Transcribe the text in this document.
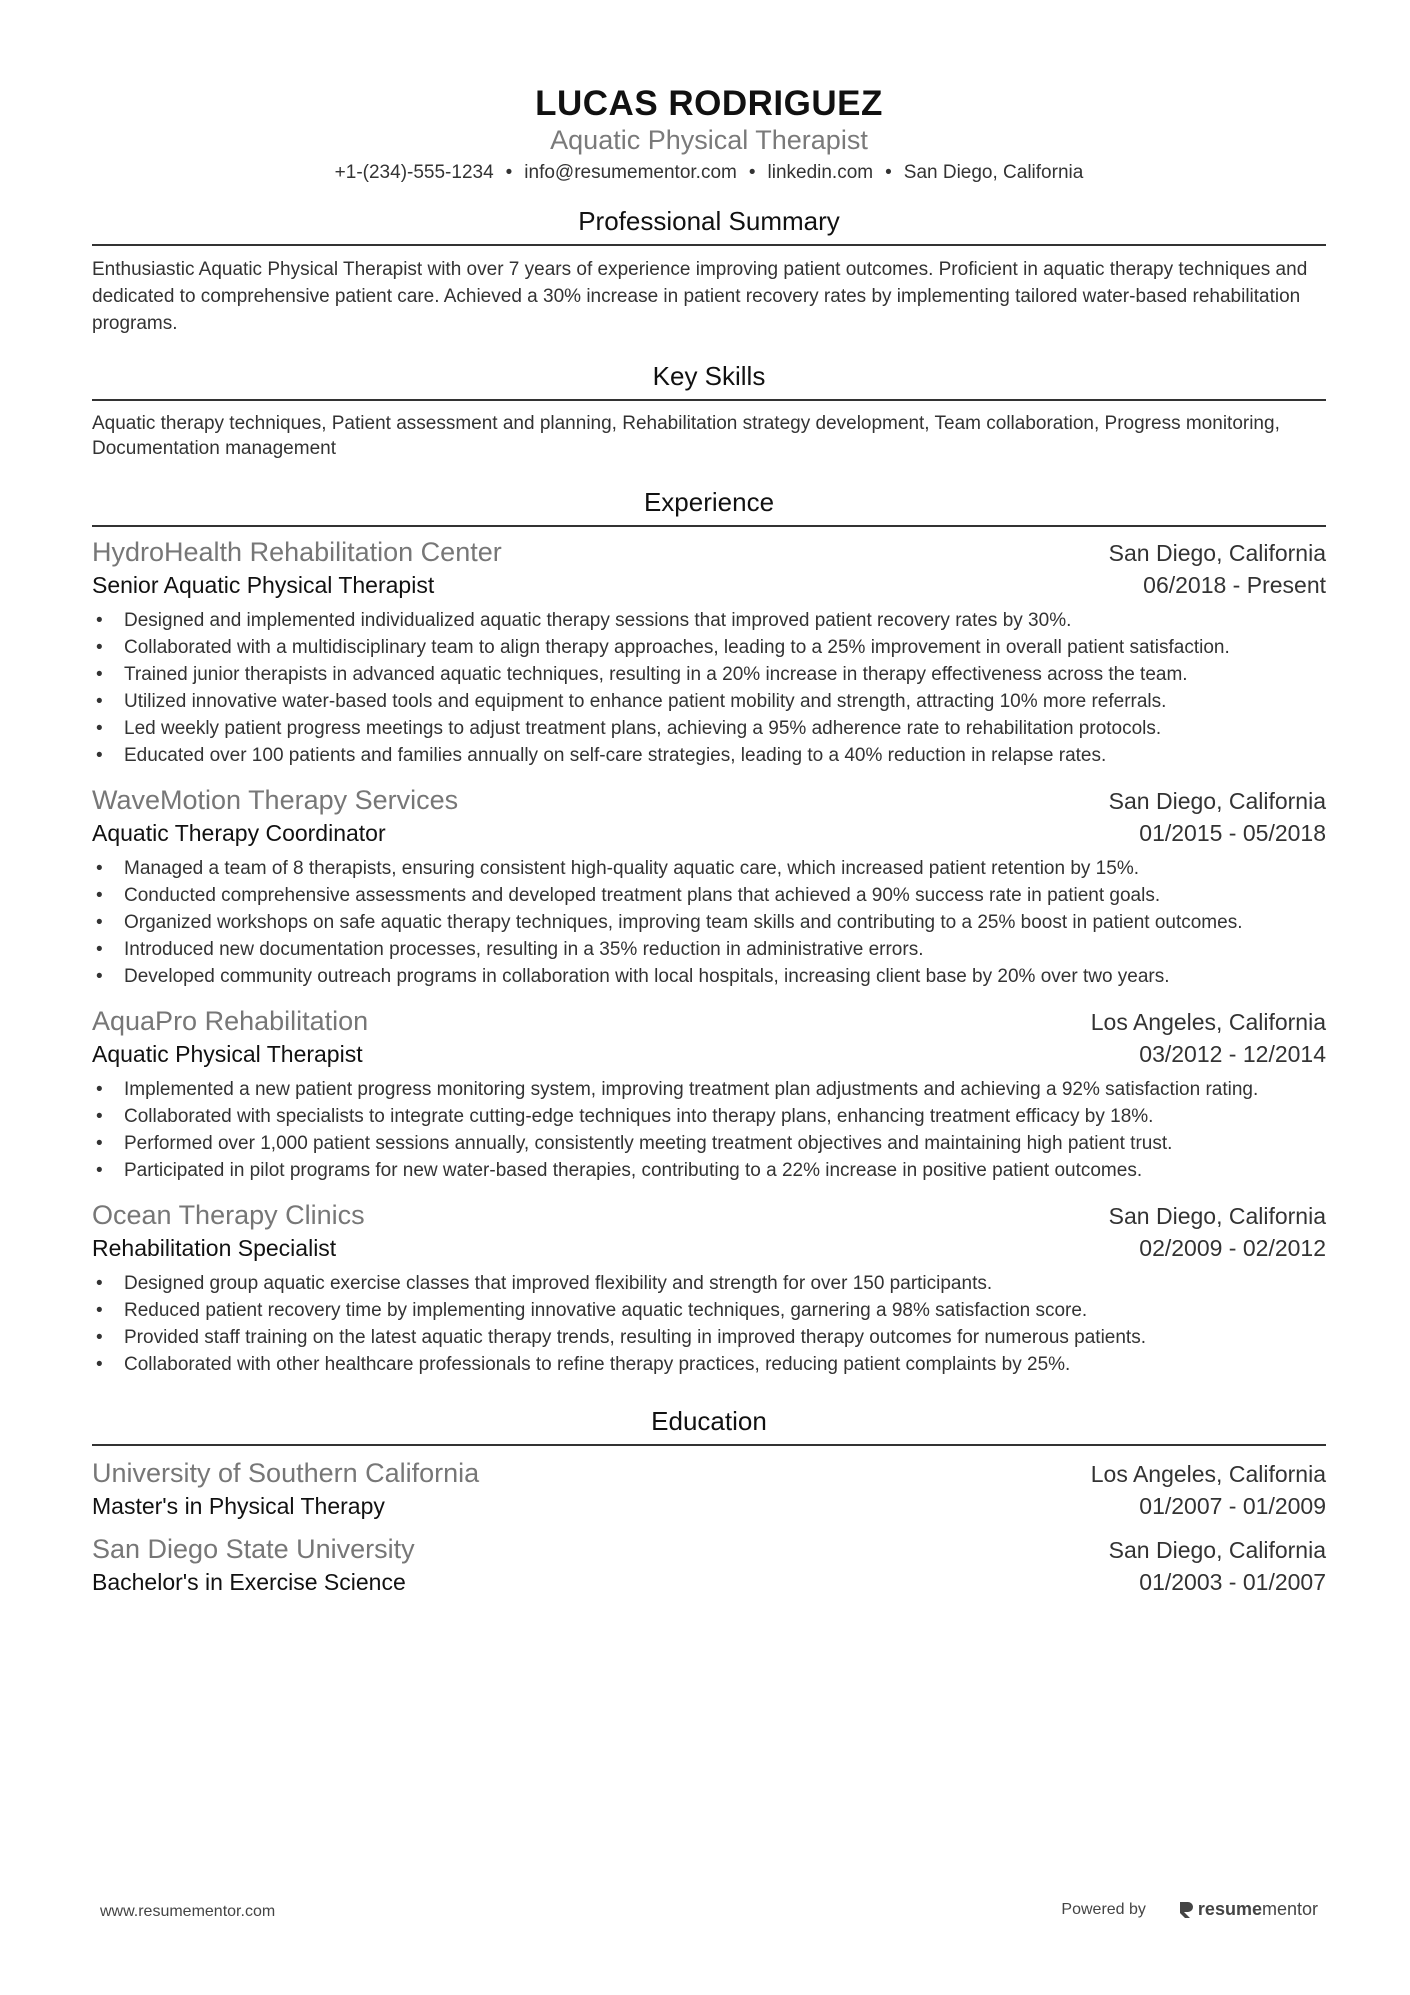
LUCAS RODRIGUEZ
Aquatic Physical Therapist
+1-(234)-555-1234 • info@resumementor.com • linkedin.com • San Diego, California
Professional Summary
Enthusiastic Aquatic Physical Therapist with over 7 years of experience improving patient outcomes. Proficient in aquatic therapy techniques and dedicated to comprehensive patient care. Achieved a 30% increase in patient recovery rates by implementing tailored water-based rehabilitation programs.
Key Skills
Aquatic therapy techniques, Patient assessment and planning, Rehabilitation strategy development, Team collaboration, Progress monitoring, Documentation management
Experience
HydroHealth Rehabilitation Center	San Diego, California
Senior Aquatic Physical Therapist	06/2018 - Present
• Designed and implemented individualized aquatic therapy sessions that improved patient recovery rates by 30%.
• Collaborated with a multidisciplinary team to align therapy approaches, leading to a 25% improvement in overall patient satisfaction.
• Trained junior therapists in advanced aquatic techniques, resulting in a 20% increase in therapy effectiveness across the team.
• Utilized innovative water-based tools and equipment to enhance patient mobility and strength, attracting 10% more referrals.
• Led weekly patient progress meetings to adjust treatment plans, achieving a 95% adherence rate to rehabilitation protocols.
• Educated over 100 patients and families annually on self-care strategies, leading to a 40% reduction in relapse rates.
WaveMotion Therapy Services	San Diego, California
Aquatic Therapy Coordinator	01/2015 - 05/2018
• Managed a team of 8 therapists, ensuring consistent high-quality aquatic care, which increased patient retention by 15%.
• Conducted comprehensive assessments and developed treatment plans that achieved a 90% success rate in patient goals.
• Organized workshops on safe aquatic therapy techniques, improving team skills and contributing to a 25% boost in patient outcomes.
• Introduced new documentation processes, resulting in a 35% reduction in administrative errors.
• Developed community outreach programs in collaboration with local hospitals, increasing client base by 20% over two years.
AquaPro Rehabilitation	Los Angeles, California
Aquatic Physical Therapist	03/2012 - 12/2014
• Implemented a new patient progress monitoring system, improving treatment plan adjustments and achieving a 92% satisfaction rating.
• Collaborated with specialists to integrate cutting-edge techniques into therapy plans, enhancing treatment efficacy by 18%.
• Performed over 1,000 patient sessions annually, consistently meeting treatment objectives and maintaining high patient trust.
• Participated in pilot programs for new water-based therapies, contributing to a 22% increase in positive patient outcomes.
Ocean Therapy Clinics	San Diego, California
Rehabilitation Specialist	02/2009 - 02/2012
• Designed group aquatic exercise classes that improved flexibility and strength for over 150 participants.
• Reduced patient recovery time by implementing innovative aquatic techniques, garnering a 98% satisfaction score.
• Provided staff training on the latest aquatic therapy trends, resulting in improved therapy outcomes for numerous patients.
• Collaborated with other healthcare professionals to refine therapy practices, reducing patient complaints by 25%.
Education
University of Southern California	Los Angeles, California
Master's in Physical Therapy	01/2007 - 01/2009
San Diego State University	San Diego, California
Bachelor's in Exercise Science	01/2003 - 01/2007
www.resumementor.com	Powered by	resume mentor
